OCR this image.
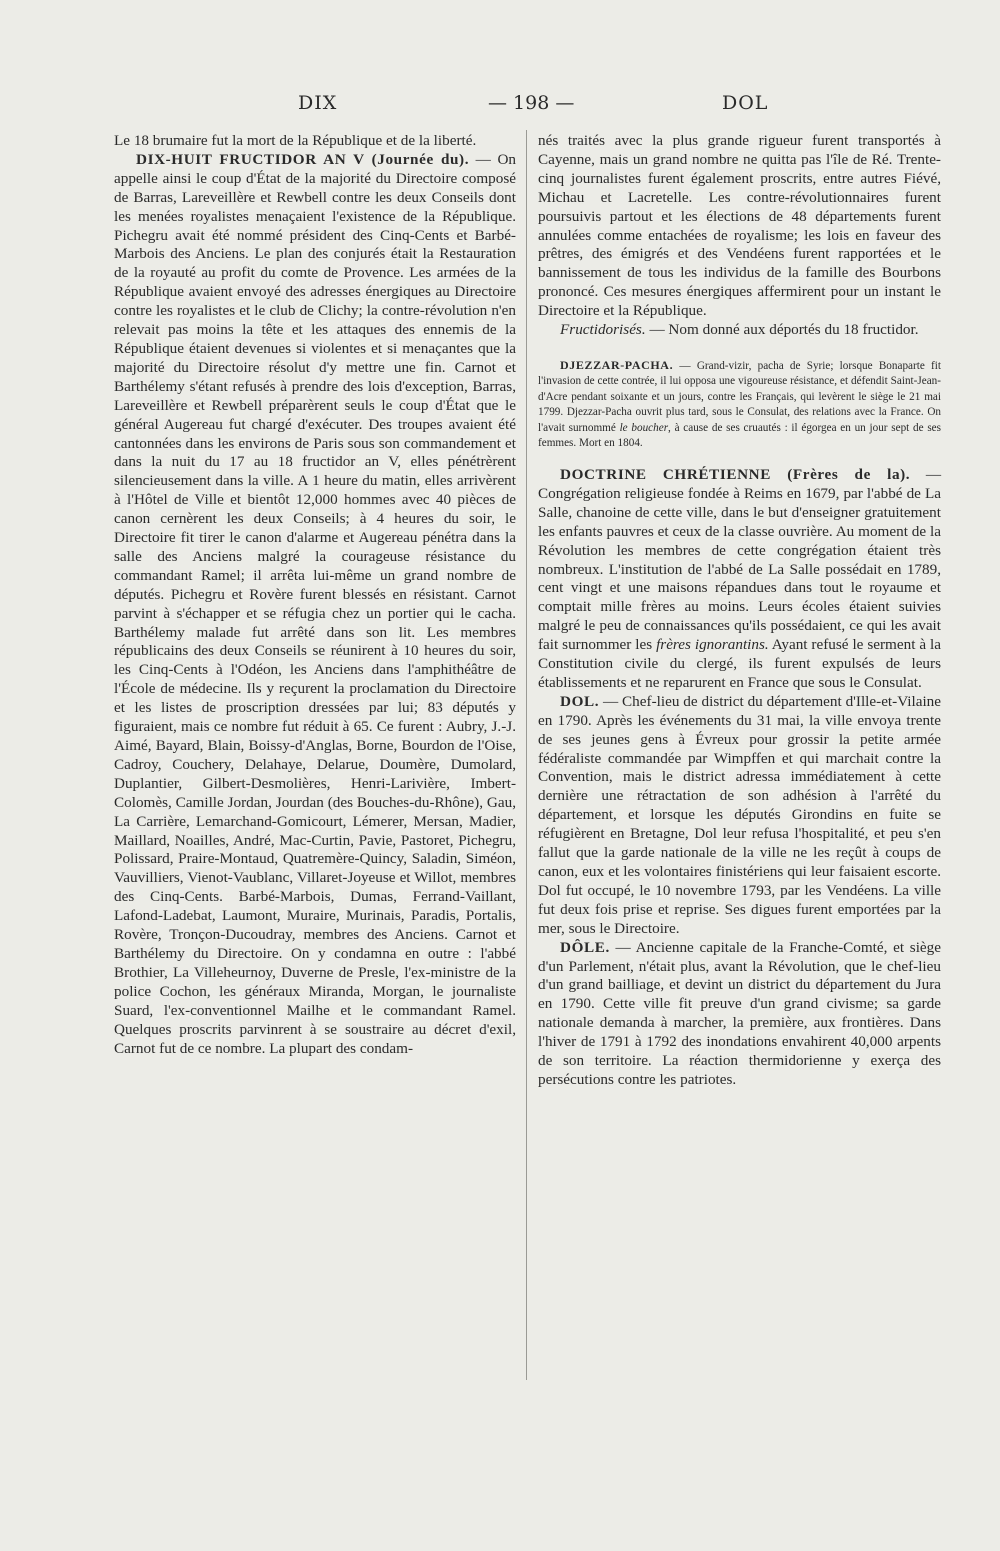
DIX	— 198 —	DOL

Le 18 brumaire fut la mort de la République et de la liberté.

DIX-HUIT FRUCTIDOR AN V (Journée du). — On appelle ainsi le coup d'État de la majorité du Directoire composé de Barras, Lareveillère et Rewbell contre les deux Conseils dont les menées royalistes menaçaient l'existence de la République. Pichegru avait été nommé président des Cinq-Cents et Barbé-Marbois des Anciens. Le plan des conjurés était la Restauration de la royauté au profit du comte de Provence. Les armées de la République avaient envoyé des adresses énergiques au Directoire contre les royalistes et le club de Clichy; la contre-révolution n'en relevait pas moins la tête et les attaques des ennemis de la République étaient devenues si violentes et si menaçantes que la majorité du Directoire résolut d'y mettre une fin. Carnot et Barthélemy s'étant refusés à prendre des lois d'exception, Barras, Lareveillère et Rewbell préparèrent seuls le coup d'État que le général Augereau fut chargé d'exécuter. Des troupes avaient été cantonnées dans les environs de Paris sous son commandement et dans la nuit du 17 au 18 fructidor an V, elles pénétrèrent silencieusement dans la ville. A 1 heure du matin, elles arrivèrent à l'Hôtel de Ville et bientôt 12,000 hommes avec 40 pièces de canon cernèrent les deux Conseils; à 4 heures du soir, le Directoire fit tirer le canon d'alarme et Augereau pénétra dans la salle des Anciens malgré la courageuse résistance du commandant Ramel; il arrêta lui-même un grand nombre de députés. Pichegru et Rovère furent blessés en résistant. Carnot parvint à s'échapper et se réfugia chez un portier qui le cacha. Barthélemy malade fut arrêté dans son lit. Les membres républicains des deux Conseils se réunirent à 10 heures du soir, les Cinq-Cents à l'Odéon, les Anciens dans l'amphithéâtre de l'École de médecine. Ils y reçurent la proclamation du Directoire et les listes de proscription dressées par lui; 83 députés y figuraient, mais ce nombre fut réduit à 65. Ce furent : Aubry, J.-J. Aimé, Bayard, Blain, Boissy-d'Anglas, Borne, Bourdon de l'Oise, Cadroy, Couchery, Delahaye, Delarue, Doumère, Dumolard, Duplantier, Gilbert-Desmolières, Henri-Larivière, Imbert-Colomès, Camille Jordan, Jourdan (des Bouches-du-Rhône), Gau, La Carrière, Lemarchand-Gomicourt, Lémerer, Mersan, Madier, Maillard, Noailles, André, Mac-Curtin, Pavie, Pastoret, Pichegru, Polissard, Praire-Montaud, Quatremère-Quincy, Saladin, Siméon, Vauvilliers, Vienot-Vaublanc, Villaret-Joyeuse et Willot, membres des Cinq-Cents. Barbé-Marbois, Dumas, Ferrand-Vaillant, Lafond-Ladebat, Laumont, Muraire, Murinais, Paradis, Portalis, Rovère, Tronçon-Ducoudray, membres des Anciens. Carnot et Barthélemy du Directoire. On y condamna en outre : l'abbé Brothier, La Villeheurnoy, Duverne de Presle, l'ex-ministre de la police Cochon, les généraux Miranda, Morgan, le journaliste Suard, l'ex-conventionnel Mailhe et le commandant Ramel. Quelques proscrits parvinrent à se soustraire au décret d'exil, Carnot fut de ce nombre. La plupart des condam-

nés traités avec la plus grande rigueur furent transportés à Cayenne, mais un grand nombre ne quitta pas l'île de Ré. Trente-cinq journalistes furent également proscrits, entre autres Fiévé, Michau et Lacretelle. Les contre-révolutionnaires furent poursuivis partout et les élections de 48 départements furent annulées comme entachées de royalisme; les lois en faveur des prêtres, des émigrés et des Vendéens furent rapportées et le bannissement de tous les individus de la famille des Bourbons prononcé. Ces mesures énergiques affermirent pour un instant le Directoire et la République.

Fructidorisés. — Nom donné aux déportés du 18 fructidor.

DJEZZAR-PACHA. — Grand-vizir, pacha de Syrie; lorsque Bonaparte fit l'invasion de cette contrée, il lui opposa une vigoureuse résistance, et défendit Saint-Jean-d'Acre pendant soixante et un jours, contre les Français, qui levèrent le siège le 21 mai 1799. Djezzar-Pacha ouvrit plus tard, sous le Consulat, des relations avec la France. On l'avait surnommé le boucher, à cause de ses cruautés : il égorgea en un jour sept de ses femmes. Mort en 1804.

DOCTRINE CHRÉTIENNE (Frères de la). — Congrégation religieuse fondée à Reims en 1679, par l'abbé de La Salle, chanoine de cette ville, dans le but d'enseigner gratuitement les enfants pauvres et ceux de la classe ouvrière. Au moment de la Révolution les membres de cette congrégation étaient très nombreux. L'institution de l'abbé de La Salle possédait en 1789, cent vingt et une maisons répandues dans tout le royaume et comptait mille frères au moins. Leurs écoles étaient suivies malgré le peu de connaissances qu'ils possédaient, ce qui les avait fait surnommer les frères ignorantins. Ayant refusé le serment à la Constitution civile du clergé, ils furent expulsés de leurs établissements et ne reparurent en France que sous le Consulat.

DOL. — Chef-lieu de district du département d'Ille-et-Vilaine en 1790. Après les événements du 31 mai, la ville envoya trente de ses jeunes gens à Évreux pour grossir la petite armée fédéraliste commandée par Wimpffen et qui marchait contre la Convention, mais le district adressa immédiatement à cette dernière une rétractation de son adhésion à l'arrêté du département, et lorsque les députés Girondins en fuite se réfugièrent en Bretagne, Dol leur refusa l'hospitalité, et peu s'en fallut que la garde nationale de la ville ne les reçût à coups de canon, eux et les volontaires finistériens qui leur faisaient escorte. Dol fut occupé, le 10 novembre 1793, par les Vendéens. La ville fut deux fois prise et reprise. Ses digues furent emportées par la mer, sous le Directoire.

DÔLE. — Ancienne capitale de la Franche-Comté, et siège d'un Parlement, n'était plus, avant la Révolution, que le chef-lieu d'un grand bailliage, et devint un district du département du Jura en 1790. Cette ville fit preuve d'un grand civisme; sa garde nationale demanda à marcher, la première, aux frontières. Dans l'hiver de 1791 à 1792 des inondations envahirent 40,000 arpents de son territoire. La réaction thermidorienne y exerça des persécutions contre les patriotes.
